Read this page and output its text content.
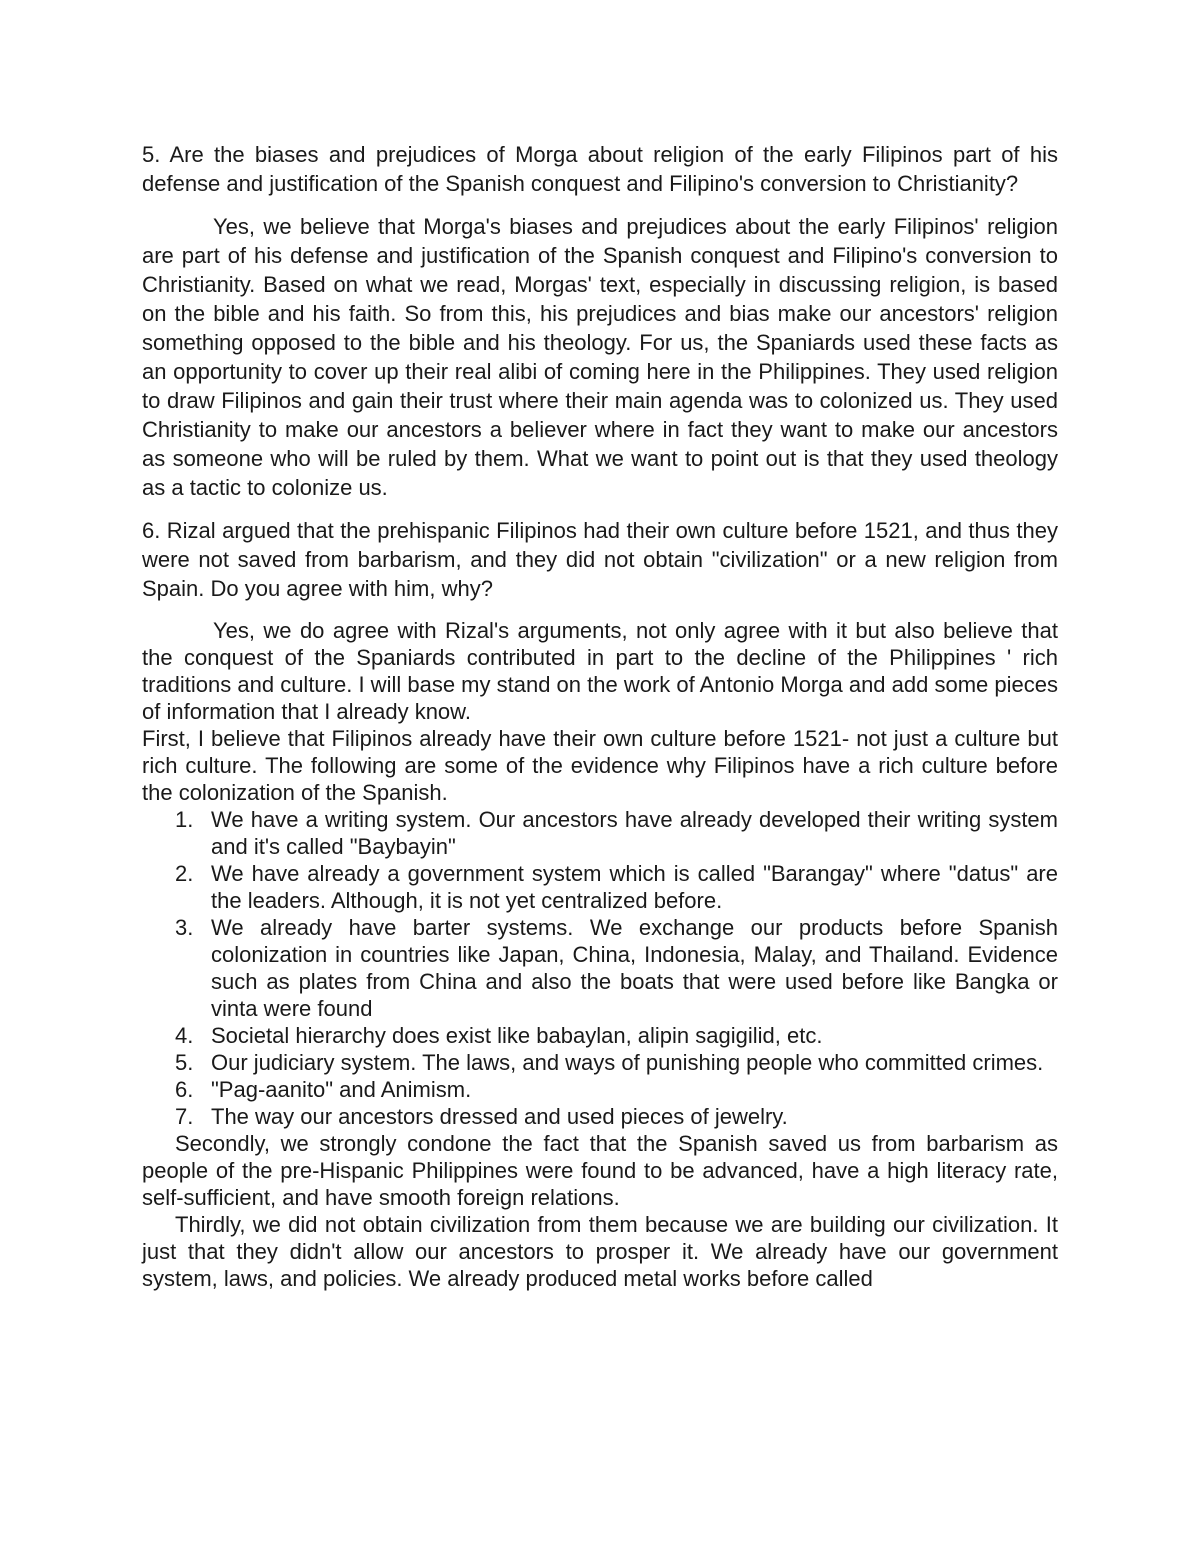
5. Are the biases and prejudices of Morga about religion of the early Filipinos part of his defense and justification of the Spanish conquest and Filipino's conversion to Christianity?

Yes, we believe that Morga's biases and prejudices about the early Filipinos' religion are part of his defense and justification of the Spanish conquest and Filipino's conversion to Christianity. Based on what we read, Morgas' text, especially in discussing religion, is based on the bible and his faith. So from this, his prejudices and bias make our ancestors' religion something opposed to the bible and his theology. For us, the Spaniards used these facts as an opportunity to cover up their real alibi of coming here in the Philippines. They used religion to draw Filipinos and gain their trust where their main agenda was to colonized us. They used Christianity to make our ancestors a believer where in fact they want to make our ancestors as someone who will be ruled by them. What we want to point out is that they used theology as a tactic to colonize us.

6. Rizal argued that the prehispanic Filipinos had their own culture before 1521, and thus they were not saved from barbarism, and they did not obtain "civilization" or a new religion from Spain. Do you agree with him, why?

Yes, we do agree with Rizal's arguments, not only agree with it but also believe that the conquest of the Spaniards contributed in part to the decline of the Philippines ' rich traditions and culture. I will base my stand on the work of Antonio Morga and add some pieces of information that I already know.

First, I believe that Filipinos already have their own culture before 1521- not just a culture but rich culture. The following are some of the evidence why Filipinos have a rich culture before the colonization of the Spanish.

1. We have a writing system. Our ancestors have already developed their writing system and it's called "Baybayin"
2. We have already a government system which is called "Barangay" where "datus" are the leaders. Although, it is not yet centralized before.
3. We already have barter systems. We exchange our products before Spanish colonization in countries like Japan, China, Indonesia, Malay, and Thailand. Evidence such as plates from China and also the boats that were used before like Bangka or vinta were found
4. Societal hierarchy does exist like babaylan, alipin sagigilid, etc.
5. Our judiciary system. The laws, and ways of punishing people who committed crimes.
6. "Pag-aanito" and Animism.
7. The way our ancestors dressed and used pieces of jewelry.

Secondly, we strongly condone the fact that the Spanish saved us from barbarism as people of the pre-Hispanic Philippines were found to be advanced, have a high literacy rate, self-sufficient, and have smooth foreign relations.

Thirdly, we did not obtain civilization from them because we are building our civilization. It just that they didn't allow our ancestors to prosper it. We already have our government system, laws, and policies. We already produced metal works before called
